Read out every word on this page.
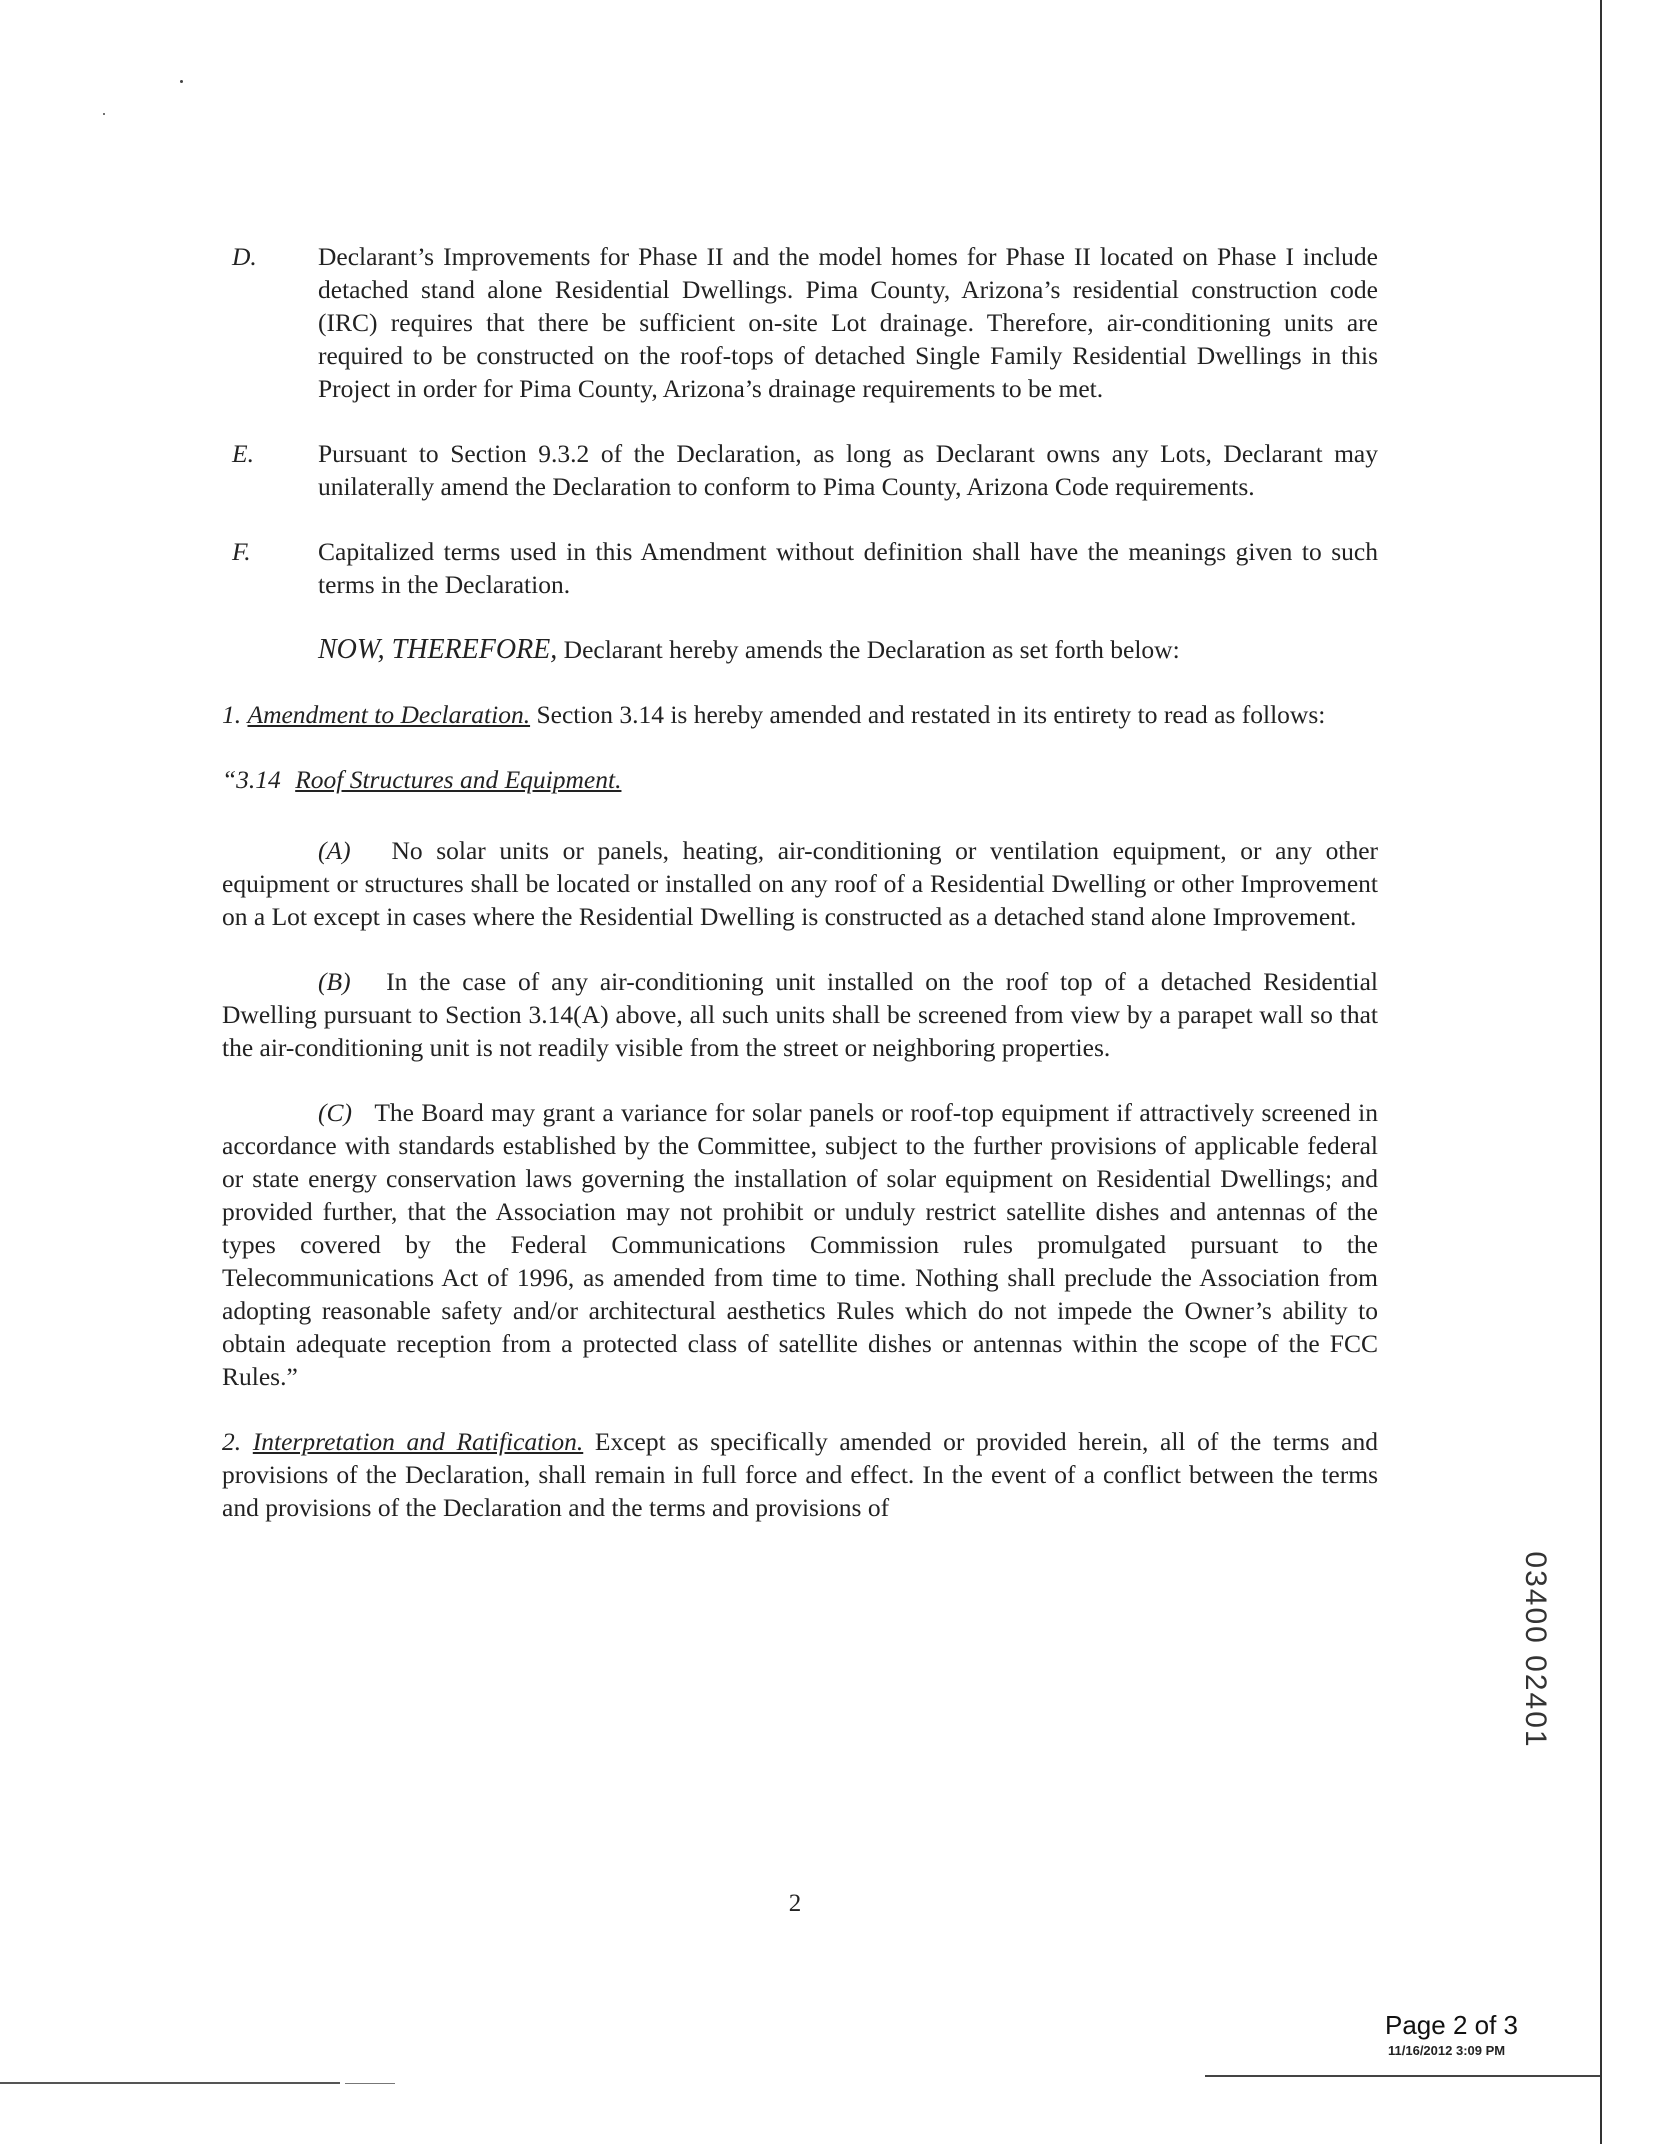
D. Declarant’s Improvements for Phase II and the model homes for Phase II located on Phase I include detached stand alone Residential Dwellings. Pima County, Arizona’s residential construction code (IRC) requires that there be sufficient on-site Lot drainage. Therefore, air-conditioning units are required to be constructed on the roof-tops of detached Single Family Residential Dwellings in this Project in order for Pima County, Arizona’s drainage requirements to be met.
E.	Pursuant to Section 9.3.2 of the Declaration, as long as Declarant owns any Lots, Declarant may unilaterally amend the Declaration to conform to Pima County, Arizona Code requirements.
F.	Capitalized terms used in this Amendment without definition shall have the meanings given to such terms in the Declaration.
NOW, THEREFORE, Declarant hereby amends the Declaration as set forth below:
1. Amendment to Declaration. Section 3.14 is hereby amended and restated in its entirety to read as follows:
“3.14 Roof Structures and Equipment.
(A) No solar units or panels, heating, air-conditioning or ventilation equipment, or any other equipment or structures shall be located or installed on any roof of a Residential Dwelling or other Improvement on a Lot except in cases where the Residential Dwelling is constructed as a detached stand alone Improvement.
(B) In the case of any air-conditioning unit installed on the roof top of a detached Residential Dwelling pursuant to Section 3.14(A) above, all such units shall be screened from view by a parapet wall so that the air-conditioning unit is not readily visible from the street or neighboring properties.
(C) The Board may grant a variance for solar panels or roof-top equipment if attractively screened in accordance with standards established by the Committee, subject to the further provisions of applicable federal or state energy conservation laws governing the installation of solar equipment on Residential Dwellings; and provided further, that the Association may not prohibit or unduly restrict satellite dishes and antennas of the types covered by the Federal Communications Commission rules promulgated pursuant to the Telecommunications Act of 1996, as amended from time to time. Nothing shall preclude the Association from adopting reasonable safety and/or architectural aesthetics Rules which do not impede the Owner’s ability to obtain adequate reception from a protected class of satellite dishes or antennas within the scope of the FCC Rules.”
2. Interpretation and Ratification. Except as specifically amended or provided herein, all of the terms and provisions of the Declaration, shall remain in full force and effect. In the event of a conflict between the terms and provisions of the Declaration and the terms and provisions of
2
03400 02401
Page 2 of 3
11/16/2012 3:09 PM
